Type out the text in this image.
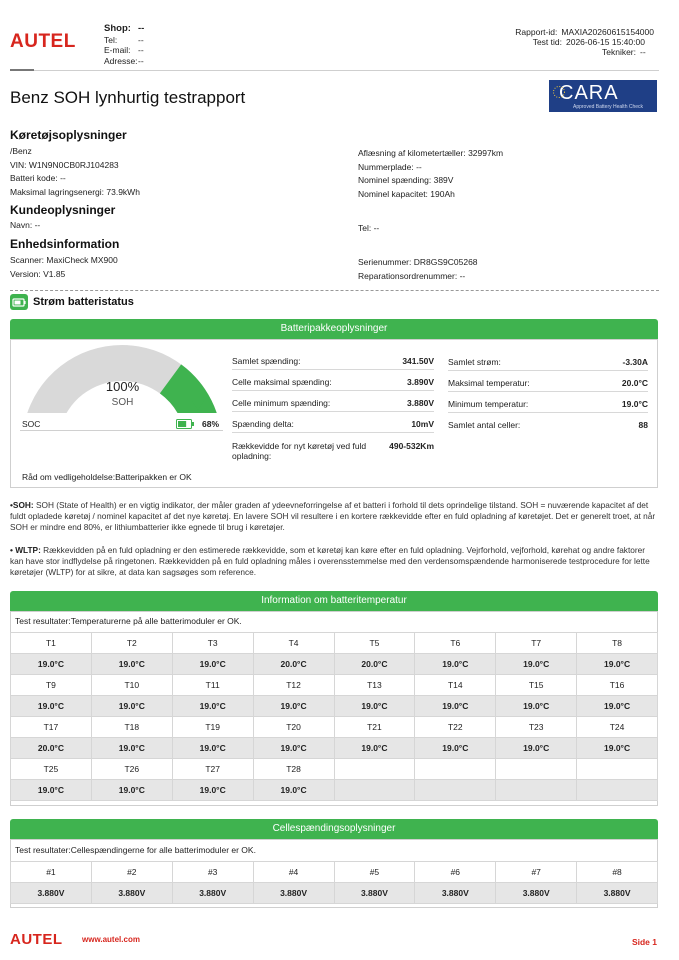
AUTEL
Shop: --
Tel:	--
E-mail: --
Adresse: --
Rapport-id: MAXIA20260615154000
Test tid: 2026-06-15 15:40:00
Tekniker: --
Benz SOH lynhurtig testrapport	CARA
Approved Battery Health Check
Køretøjsoplysninger
/Benz
VIN: W1N9N0CB0RJ104283
Batteri kode: --
Maksimal lagringsenergi: 73.9kWh
Aflæsning af kilometertæller: 32997km
Nummerplade: --
Nominel spænding: 389V
Nominel kapacitet: 190Ah
Kundeoplysninger
Navn: --	Tel: --
Enhedsinformation
Scanner: MaxiCheck MX900
Version: V1.85
Serienummer: DR8GS9C05268
Reparationsordrenummer: --
Strøm batteristatus
Batteripakkeoplysninger
100%
SOH
SOC	68%
Samlet spænding:	341.50V
Celle maksimal spænding:	3.890V
Celle minimum spænding:	3.880V
Spænding delta:	10mV
Rækkevidde for nyt køretøj ved fuld opladning:
490-532Km
Samlet strøm:	-3.30A
Maksimal temperatur:	20.0°C
Minimum temperatur:	19.0°C
Samlet antal celler:	88
Råd om vedligeholdelse:Batteripakken er OK
•SOH: SOH (State of Health) er en vigtig indikator, der måler graden af ydeevneforringelse af et batteri i forhold til dets oprindelige tilstand. SOH = nuværende kapacitet af det fuldt opladede køretøj / nominel kapacitet af det nye køretøj. En lavere SOH vil resultere i en kortere rækkevidde efter en fuld opladning af køretøjet. Det er generelt troet, at når SOH er mindre end 80%, er lithiumbatterier ikke egnede til brug i køretøjer.
• WLTP: Rækkevidden på en fuld opladning er den estimerede rækkevidde, som et køretøj kan køre efter en fuld opladning. Vejrforhold, vejforhold, kørehat og andre faktorer kan have stor indflydelse på ringetonen. Rækkevidden på en fuld opladning måles i overensstemmelse med den verdensomspændende harmoniserede testprocedure for lette køretøjer (WLTP) for at sikre, at data kan sagsøges som reference.
Information om batteritemperatur
Test resultater:Temperaturerne på alle batterimoduler er OK.
T1	T2	T3	T4	T5	T6	T7	T8
19.0°C	19.0°C	19.0°C	20.0°C	20.0°C	19.0°C	19.0°C	19.0°C
T9	T10	T11	T12	T13	T14	T15	T16
19.0°C	19.0°C	19.0°C	19.0°C	19.0°C	19.0°C	19.0°C	19.0°C
T17	T18	T19	T20	T21	T22	T23	T24
20.0°C	19.0°C	19.0°C	19.0°C	19.0°C	19.0°C	19.0°C	19.0°C
T25	T26	T27	T28				
19.0°C	19.0°C	19.0°C	19.0°C				
Cellespændingsoplysninger
Test resultater:Cellespændingerne for alle batterimoduler er OK.
#1	#2	#3	#4	#5	#6	#7	#8
3.880V	3.880V	3.880V	3.880V	3.880V	3.880V	3.880V	3.880V
AUTEL www.autel.com	Side 1
